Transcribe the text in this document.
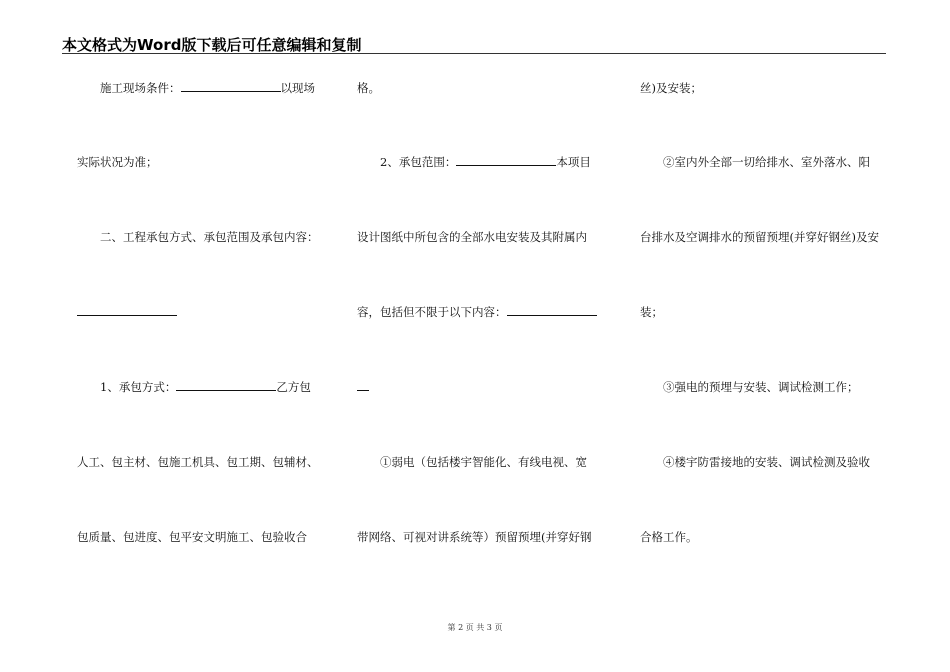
本文格式为Word版下载后可任意编辑和复制
　　施工现场条件：	以现场
实际状况为准；
　　二、工程承包方式、承包范围及承包内容：
　　1、承包方式：	乙方包
人工、包主材、包施工机具、包工期、包辅材、
包质量、包进度、包平安文明施工、包验收合
格。
　　2、承包范围：	本项目
设计图纸中所包含的全部水电安装及其附属内
容，包括但不限于以下内容：
　　①弱电（包括楼宇智能化、有线电视、宽
带网络、可视对讲系统等）预留预埋(并穿好钢
丝)及安装；
　　②室内外全部一切给排水、室外落水、阳
台排水及空调排水的预留预埋(并穿好钢丝)及安
装；
　　③强电的预埋与安装、调试检测工作；
　　④楼宇防雷接地的安装、调试检测及验收
合格工作。
第 2 页 共 3 页
